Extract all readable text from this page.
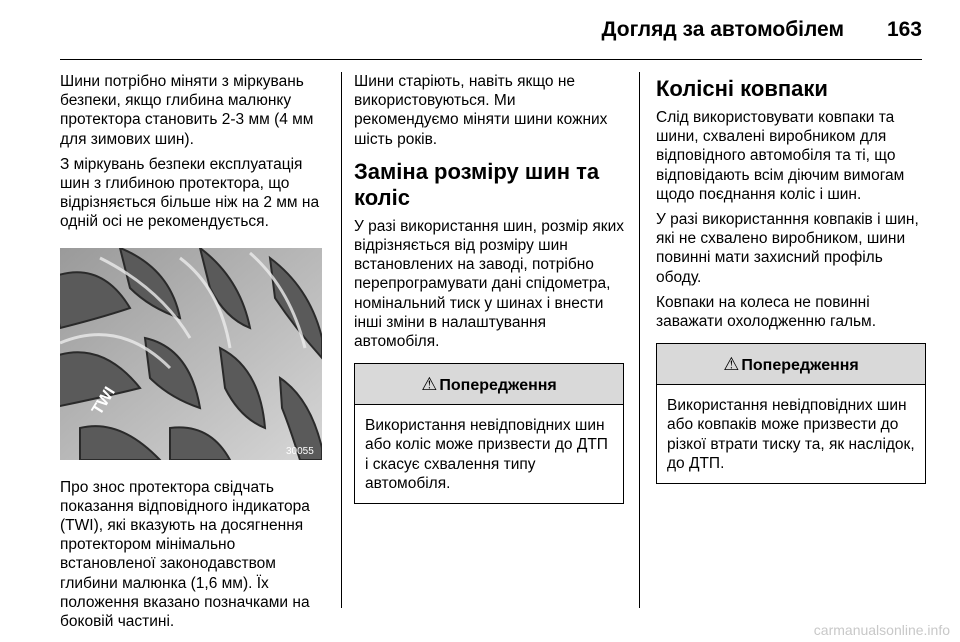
Догляд за автомобілем 163

Шини потрібно міняти з міркувань безпеки, якщо глибина малюнку протектора становить 2-3 мм (4 мм для зимових шин).

З міркувань безпеки експлуатація шин з глибиною протектора, що відрізняється більше ніж на 2 мм на одній осі не рекомендується.

TWI
30055

Про знос протектора свідчать показання відповідного індикатора (TWI), які вказують на досягнення протектором мінімально встановленої законодавством глибини малюнка (1,6 мм). Їх положення вказано позначками на боковій частині.

Шини старіють, навіть якщо не використовуються. Ми рекомендуємо міняти шини кожних шість років.

Заміна розміру шин та коліс

У разі використання шин, розмір яких відрізняється від розміру шин встановлених на заводі, потрібно перепрограмувати дані спідометра, номінальний тиск у шинах і внести інші зміни в налаштування автомобіля.

⚠ Попередження

Використання невідповідних шин або коліс може призвести до ДТП і скасує схвалення типу автомобіля.

Колісні ковпаки

Слід використовувати ковпаки та шини, схвалені виробником для відповідного автомобіля та ті, що відповідають всім діючим вимогам щодо поєднання коліс і шин.

У разі використанння ковпаків і шин, які не схвалено виробником, шини повинні мати захисний профіль ободу.

Ковпаки на колеса не повинні заважати охолодженню гальм.

⚠ Попередження

Використання невідповідних шин або ковпаків може призвести до різкої втрати тиску та, як наслідок, до ДТП.

carmanualsonline.info
